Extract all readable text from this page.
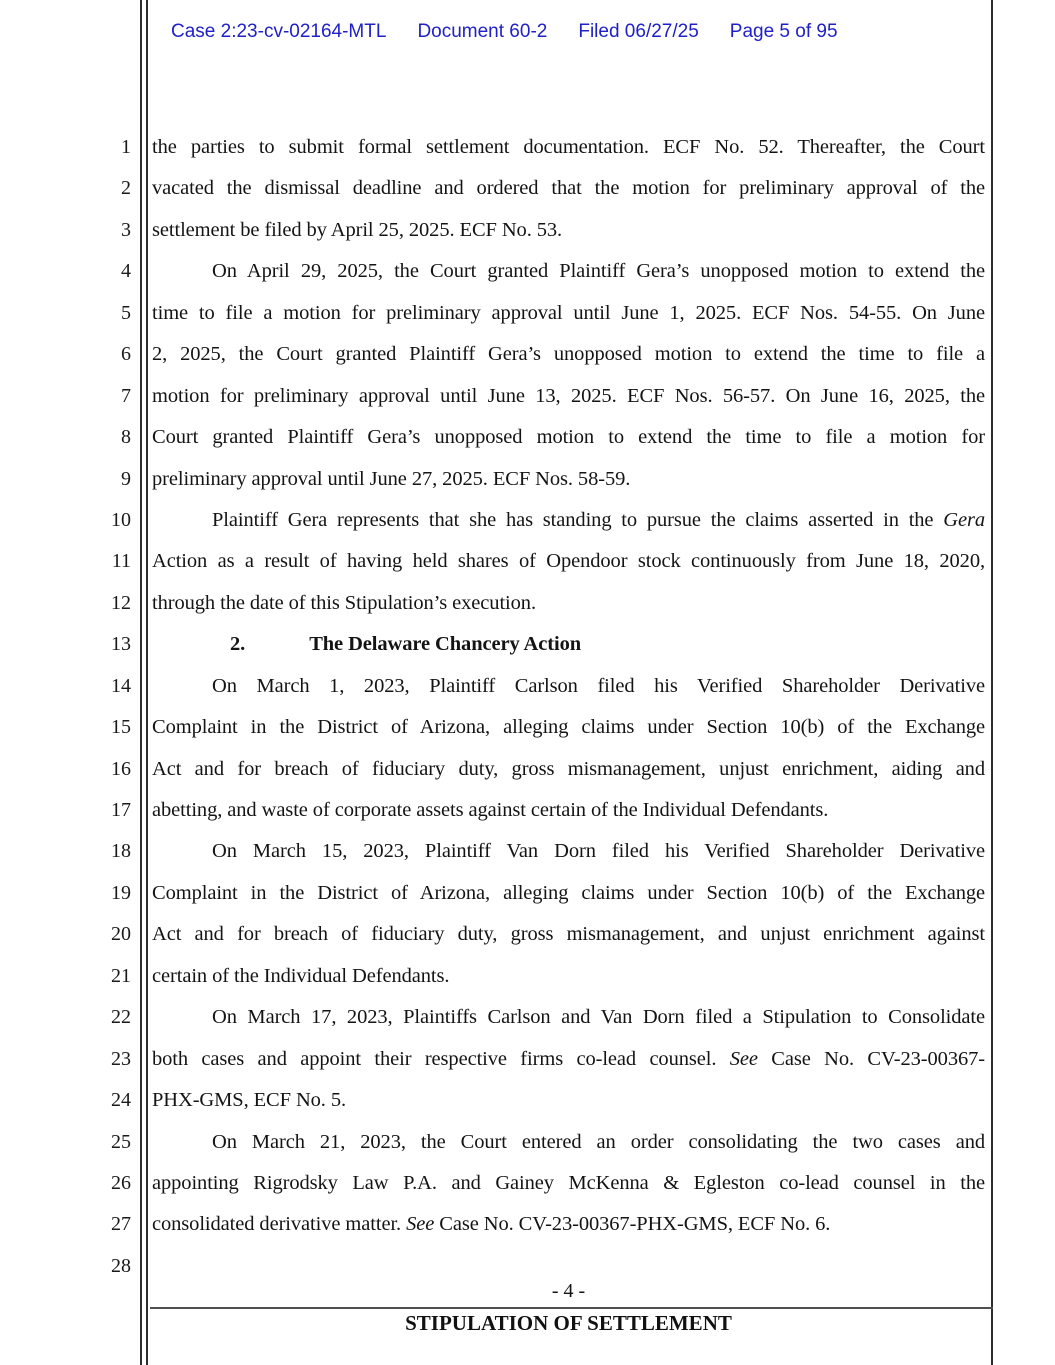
Case 2:23-cv-02164-MTL Document 60-2 Filed 06/27/25 Page 5 of 95
1 the parties to submit formal settlement documentation. ECF No. 52. Thereafter, the Court
2 vacated the dismissal deadline and ordered that the motion for preliminary approval of the
3 settlement be filed by April 25, 2025. ECF No. 53.
4	On April 29, 2025, the Court granted Plaintiff Gera’s unopposed motion to extend the
5 time to file a motion for preliminary approval until June 1, 2025. ECF Nos. 54-55. On June
6 2, 2025, the Court granted Plaintiff Gera’s unopposed motion to extend the time to file a
7 motion for preliminary approval until June 13, 2025. ECF Nos. 56-57. On June 16, 2025, the
8 Court granted Plaintiff Gera’s unopposed motion to extend the time to file a motion for
9 preliminary approval until June 27, 2025. ECF Nos. 58-59.
10	Plaintiff Gera represents that she has standing to pursue the claims asserted in the Gera
11 Action as a result of having held shares of Opendoor stock continuously from June 18, 2020,
12 through the date of this Stipulation’s execution.
13	2.	The Delaware Chancery Action
14	On March 1, 2023, Plaintiff Carlson filed his Verified Shareholder Derivative
15 Complaint in the District of Arizona, alleging claims under Section 10(b) of the Exchange
16 Act and for breach of fiduciary duty, gross mismanagement, unjust enrichment, aiding and
17 abetting, and waste of corporate assets against certain of the Individual Defendants.
18	On March 15, 2023, Plaintiff Van Dorn filed his Verified Shareholder Derivative
19 Complaint in the District of Arizona, alleging claims under Section 10(b) of the Exchange
20 Act and for breach of fiduciary duty, gross mismanagement, and unjust enrichment against
21 certain of the Individual Defendants.
22	On March 17, 2023, Plaintiffs Carlson and Van Dorn filed a Stipulation to Consolidate
23 both cases and appoint their respective firms co-lead counsel. See Case No. CV-23-00367-
24 PHX-GMS, ECF No. 5.
25	On March 21, 2023, the Court entered an order consolidating the two cases and
26 appointing Rigrodsky Law P.A. and Gainey McKenna & Egleston co-lead counsel in the
27 consolidated derivative matter. See Case No. CV-23-00367-PHX-GMS, ECF No. 6.
28
- 4 -
STIPULATION OF SETTLEMENT
